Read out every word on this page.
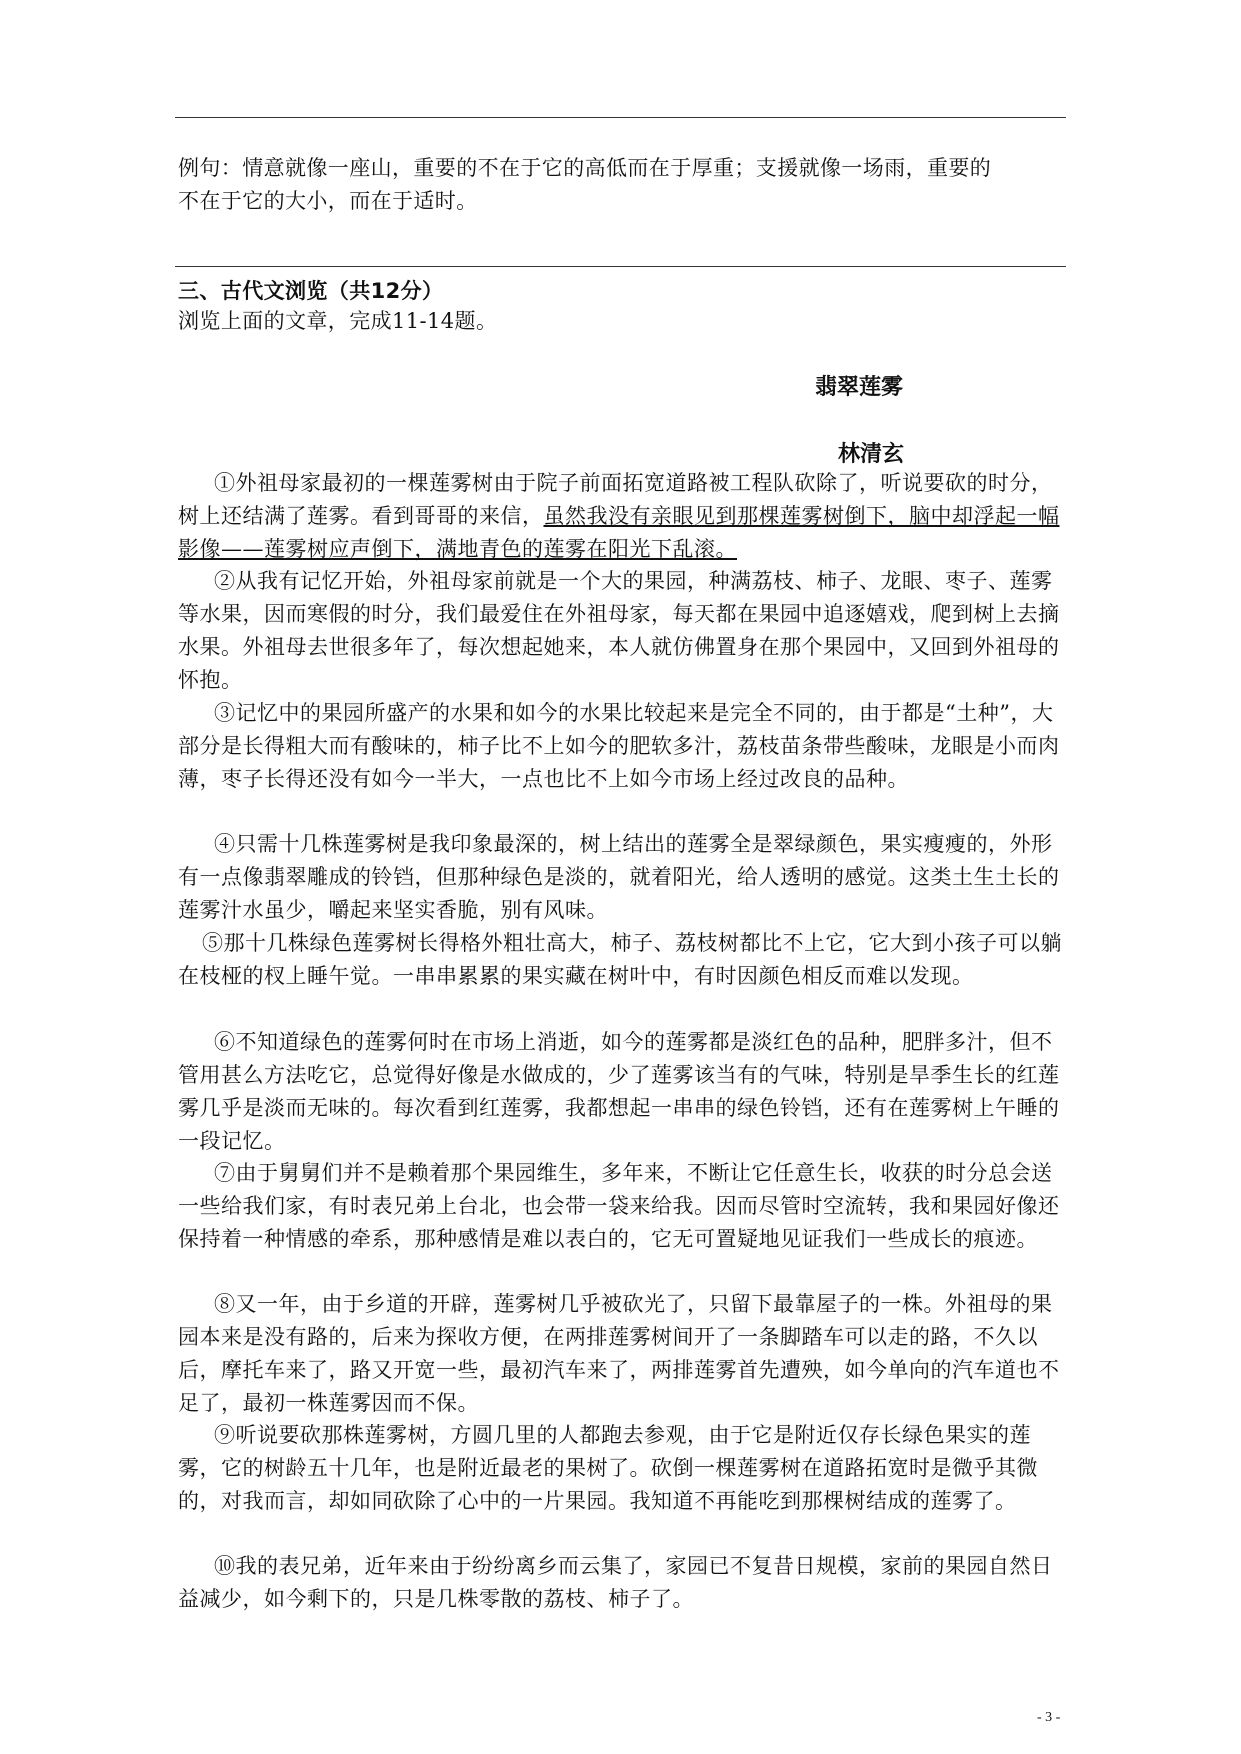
例句：情意就像一座山，重要的不在于它的高低而在于厚重；支援就像一场雨，重要的
不在于它的大小，而在于适时。
三、古代文浏览（共12分）
浏览上面的文章，完成11-14题。
翡翠莲雾
林清玄

①外祖母家最初的一棵莲雾树由于院子前面拓宽道路被工程队砍除了，听说要砍的时分，树上还结满了莲雾。看到哥哥的来信，虽然我没有亲眼见到那棵莲雾树倒下，脑中却浮起一幅影像——莲雾树应声倒下，满地青色的莲雾在阳光下乱滚。

②从我有记忆开始，外祖母家前就是一个大的果园，种满荔枝、柿子、龙眼、枣子、莲雾等水果，因而寒假的时分，我们最爱住在外祖母家，每天都在果园中追逐嬉戏，爬到树上去摘水果。外祖母去世很多年了，每次想起她来，本人就仿佛置身在那个果园中，又回到外祖母的怀抱。

③记忆中的果园所盛产的水果和如今的水果比较起来是完全不同的，由于都是“土种”，大部分是长得粗大而有酸味的，柿子比不上如今的肥软多汁，荔枝苗条带些酸味，龙眼是小而肉薄，枣子长得还没有如今一半大，一点也比不上如今市场上经过改良的品种。

④只需十几株莲雾树是我印象最深的，树上结出的莲雾全是翠绿颜色，果实瘦瘦的，外形有一点像翡翠雕成的铃铛，但那种绿色是淡的，就着阳光，给人透明的感觉。这类土生土长的莲雾汁水虽少，嚼起来坚实香脆，别有风味。

⑤那十几株绿色莲雾树长得格外粗壮高大，柿子、荔枝树都比不上它，它大到小孩子可以躺在枝桠的杈上睡午觉。一串串累累的果实藏在树叶中，有时因颜色相反而难以发现。

⑥不知道绿色的莲雾何时在市场上消逝，如今的莲雾都是淡红色的品种，肥胖多汁，但不管用甚么方法吃它，总觉得好像是水做成的，少了莲雾该当有的气味，特别是旱季生长的红莲雾几乎是淡而无味的。每次看到红莲雾，我都想起一串串的绿色铃铛，还有在莲雾树上午睡的一段记忆。

⑦由于舅舅们并不是赖着那个果园维生，多年来，不断让它任意生长，收获的时分总会送一些给我们家，有时表兄弟上台北，也会带一袋来给我。因而尽管时空流转，我和果园好像还保持着一种情感的牵系，那种感情是难以表白的，它无可置疑地见证我们一些成长的痕迹。

⑧又一年，由于乡道的开辟，莲雾树几乎被砍光了，只留下最靠屋子的一株。外祖母的果园本来是没有路的，后来为探收方便，在两排莲雾树间开了一条脚踏车可以走的路，不久以后，摩托车来了，路又开宽一些，最初汽车来了，两排莲雾首先遭殃，如今单向的汽车道也不足了，最初一株莲雾因而不保。

⑨听说要砍那株莲雾树，方圆几里的人都跑去参观，由于它是附近仅存长绿色果实的莲雾，它的树龄五十几年，也是附近最老的果树了。砍倒一棵莲雾树在道路拓宽时是微乎其微的，对我而言，却如同砍除了心中的一片果园。我知道不再能吃到那棵树结成的莲雾了。

⑩我的表兄弟，近年来由于纷纷离乡而云集了，家园已不复昔日规模，家前的果园自然日益减少，如今剩下的，只是几株零散的荔枝、柿子了。

- 3 -
